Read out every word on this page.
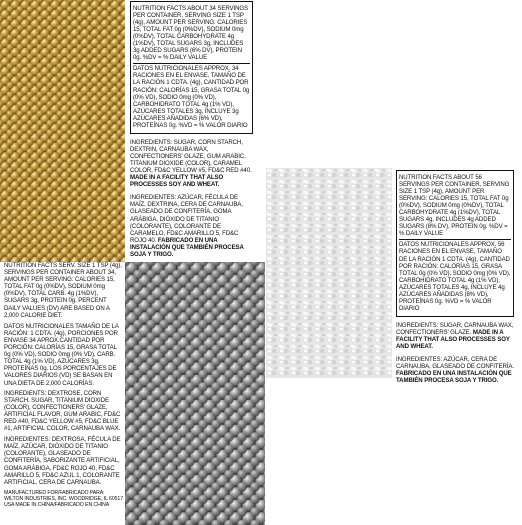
NUTRITION FACTS ABOUT 34 SERVINGS PER CONTAINER, SERVING SIZE 1 TSP (4g), AMOUNT PER SERVING: CALORIES 15, TOTAL FAT 0g (0%DV), SODIUM 0mg (0%DV), TOTAL CARBOHYDRATE 4g (1%DV), TOTAL SUGARS 3g, INCLUDES 3g ADDED SUGARS (6% DV), PROTEIN 0g. %DV = % DAILY VALUE

DATOS NUTRICIONALES APPROX. 34 RACIONES EN EL ENVASE, TAMAÑO DE LA RACIÓN 1 CDTA. (4g), CANTIDAD POR RACIÓN: CALORÍAS 15, GRASA TOTAL 0g (0% VD), SODIO 0mg (0% VD), CARBOHIDRATO TOTAL 4g (1% VD), AZÚCARES TOTALES 3g, INCLUYE 3g AZÚCARES AÑADIDAS (6% VD), PROTEÍNAS 0g. %VD = % VALOR DIARIO

INGREDIENTS: SUGAR, CORN STARCH, DEXTRIN, CARNAUBA WAX, CONFECTIONERS' GLAZE, GUM ARABIC, TITANIUM DIOXIDE (COLOR), CARAMEL COLOR, FD&C YELLOW #5, FD&C RED #40. MADE IN A FACILITY THAT ALSO PROCESSES SOY AND WHEAT.

INGREDIENTES: AZÚCAR, FÉCULA DE MAÍZ, DEXTRINA, CERA DE CARNAUBA, GLASEADO DE CONFITERÍA, GOMA ARÁBIGA, DIÓXIDO DE TITANIO (COLORANTE), COLORANTE DE CARAMELO, FD&C AMARILLO 5, FD&C ROJO 40. FABRICADO EN UNA INSTALACIÓN QUE TAMBIÉN PROCESA SOJA Y TRIGO.

NUTRITION FACTS ABOUT 56 SERVINGS PER CONTAINER, SERVING SIZE 1 TSP (4g), AMOUNT PER SERVING: CALORIES 15, TOTAL FAT 0g (0%DV), SODIUM 0mg (0%DV), TOTAL CARBOHYDRATE 4g (1%DV), TOTAL SUGARS 4g, INCLUDES 4g ADDED SUGARS (8% DV), PROTEIN 0g. %DV = % DAILY VALUE

DATOS NUTRICIONALES APPROX. 56 RACIONES EN EL ENVASE, TAMAÑO DE LA RACIÓN 1 CDTA. (4g), CANTIDAD POR RACIÓN: CALORÍAS 15, GRASA TOTAL 0g (0% VD), SODIO 0mg (0% VD), CARBOHIDRATO TOTAL 4g (1% VD), AZÚCARES TOTALES 4g, INCLUYE 4g AZÚCARES AÑADIDAS (8% VD), PROTEÍNAS 0g. %VD = % VALOR DIARIO

INGREDIENTS: SUGAR, CARNAUBA WAX, CONFECTIONERS' GLAZE. MADE IN A FACILITY THAT ALSO PROCESSES SOY AND WHEAT.

INGREDIENTES: AZÚCAR, CERA DE CARNAUBA, GLASEADO DE CONFITERÍA. FABRICADO EN UNA INSTALACIÓN QUE TAMBIÉN PROCESA SOJA Y TRIGO.

NUTRITION FACTS SERV. SIZE 1 TSP (4g), SERVINGS PER CONTAINER ABOUT 34, AMOUNT PER SERVING: CALORIES 15, TOTAL FAT 0g (0%DV), SODIUM 0mg (0%DV), TOTAL CARB. 4g (1%DV), SUGARS 3g, PROTEIN 0g. PERCENT DAILY VALUES (DV) ARE BASED ON A 2,000 CALORIE DIET.

DATOS NUTRICIONALES TAMAÑO DE LA RACIÓN: 1 CDTA. (4g), PORCIONES POR ENVASE 34 APROX.CANTIDAD POR PORCIÓN: CALORÍAS 15, GRASA TOTAL 0g (0% VD), SODIO 0mg (0% VD), CARB. TOTAL 4g (1% VD), AZÚCARES 3g, PROTEÍNAS 0g. LOS PORCENTAJES DE VALORES DIARIOS (VD) SE BASAN EN UNA DIETA DE 2,000 CALORÍAS.

INGREDIENTS: DEXTROSE, CORN STARCH, SUGAR, TITANIUM DIOXIDE (COLOR), CONFECTIONERS' GLAZE, ARTIFICIAL FLAVOR, GUM ARABIC, FD&C RED #40, FD&C YELLOW #5, FD&C BLUE #1, ARTIFICIAL COLOR, CARNAUBA WAX.

INGREDIENTES: DEXTROSA, FÉCULA DE MAÍZ, AZÚCAR, DIÓXIDO DE TITANIO (COLORANTE), GLASEADO DE CONFITERÍA, SABORIZANTE ARTIFICIAL, GOMA ARÁBIGA, FD&C ROJO 40, FD&C AMARILLO 5, FD&C AZUL 1, COLORANTE ARTIFICIAL, CERA DE CARNAUBA.

MANUFACTURED FOR/FABRICADO PARA: WILTON INDUSTRIES, INC. WOODRIDGE, IL 60517 USA MADE IN CHINA/FABRICADO EN CHINA
